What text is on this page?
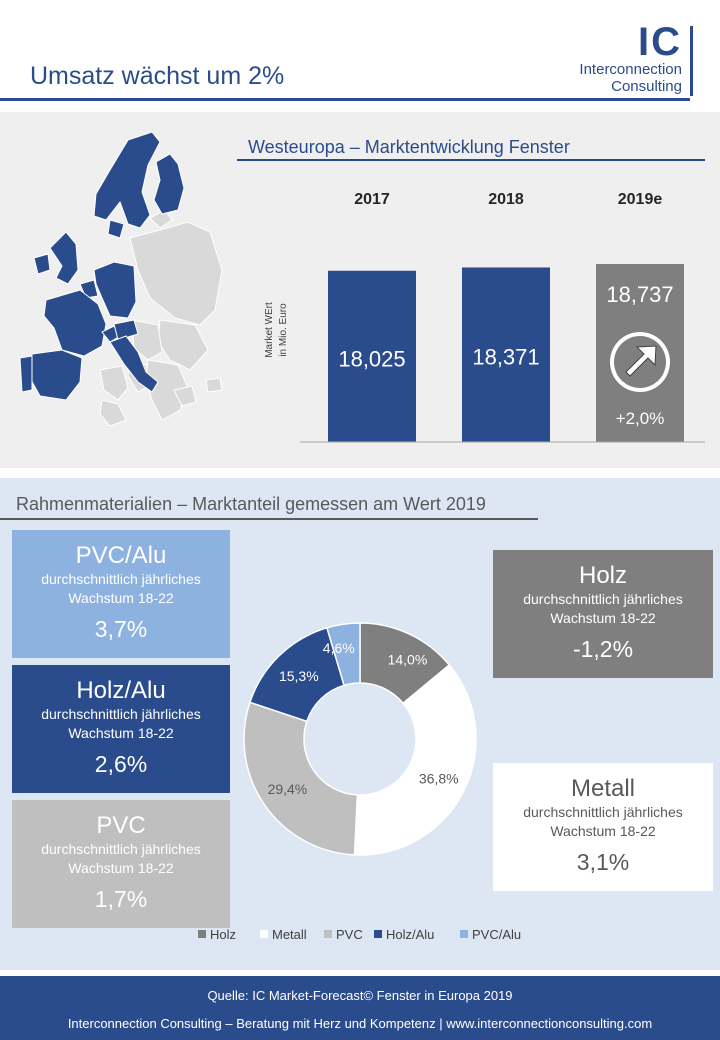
Umsatz wächst um 2%
IC
Interconnection
Consulting
Westeuropa – Marktentwicklung Fenster
Market WErt in Mio. Euro
2017
18,025
2018
18,371
2019e
18,737
+2,0%
Rahmenmaterialien – Marktanteil gemessen am Wert 2019
PVC/Alu
durchschnittlich jährliches
Wachstum 18-22
3,7%
Holz/Alu
durchschnittlich jährliches
Wachstum 18-22
2,6%
PVC
durchschnittlich jährliches
Wachstum 18-22
1,7%
Holz
durchschnittlich jährliches
Wachstum 18-22
-1,2%
Metall
durchschnittlich jährliches
Wachstum 18-22
3,1%
14,0%
36,8%
29,4%
15,3%
4,6%
Holz	Metall	PVC	Holz/Alu	PVC/Alu
Quelle: IC Market-Forecast© Fenster in Europa 2019
Interconnection Consulting – Beratung mit Herz und Kompetenz | www.interconnectionconsulting.com
